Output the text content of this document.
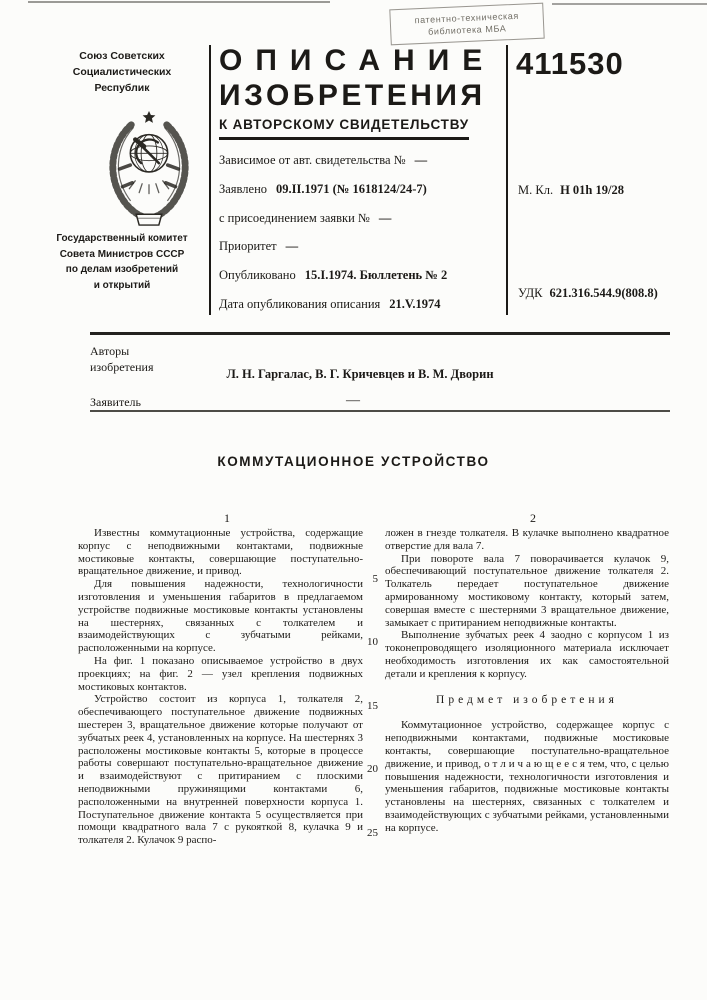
патентно-техническая
библиотека МБА
Союз Советских
Социалистических
Республик
Государственный комитет
Совета Министров СССР
по делам изобретений
и открытий
ОПИСАНИЕ
ИЗОБРЕТЕНИЯ
К АВТОРСКОМУ СВИДЕТЕЛЬСТВУ
Зависимое от авт. свидетельства № —
Заявлено 09.II.1971 (№ 1618124/24-7)
с присоединением заявки № —
Приоритет —
Опубликовано 15.I.1974. Бюллетень № 2
Дата опубликования описания 21.V.1974
411530
М. Кл. Н 01h 19/28
УДК 621.316.544.9(808.8)
Авторы
изобретения	Л. Н. Гаргалас, В. Г. Кричевцев и В. М. Дворин
Заявитель	—
КОММУТАЦИОННОЕ УСТРОЙСТВО
1	2

Известны коммутационные устройства, содержащие корпус с неподвижными контактами, подвижные мостиковые контакты, совершающие поступательно-вращательное движение, и привод.

Для повышения надежности, технологичности изготовления и уменьшения габаритов в предлагаемом устройстве подвижные мостиковые контакты установлены на шестернях, связанных с толкателем и взаимодействующих с зубчатыми рейками, расположенными на корпусе.

На фиг. 1 показано описываемое устройство в двух проекциях; на фиг. 2 — узел крепления подвижных мостиковых контактов.

Устройство состоит из корпуса 1, толкателя 2, обеспечивающего поступательное движение подвижных шестерен 3, вращательное движение которые получают от зубчатых реек 4, установленных на корпусе. На шестернях 3 расположены мостиковые контакты 5, которые в процессе работы совершают поступательно-вращательное движение и взаимодействуют с притиранием с плоскими неподвижными пружинящими контактами 6, расположенными на внутренней поверхности корпуса 1. Поступательное движение контакта 5 осуществляется при помощи квадратного вала 7 с рукояткой 8, кулачка 9 и толкателя 2. Кулачок 9 распо-

ложен в гнезде толкателя. В кулачке выполнено квадратное отверстие для вала 7.

При повороте вала 7 поворачивается кулачок 9, обеспечивающий поступательное движение толкателя 2. Толкатель передает поступательное движение армированному мостиковому контакту, который затем, совершая вместе с шестернями 3 вращательное движение, замыкает с притиранием неподвижные контакты.

Выполнение зубчатых реек 4 заодно с корпусом 1 из токонепроводящего изоляционного материала исключает необходимость изготовления их как самостоятельной детали и крепления к корпусу.

Предмет изобретения

Коммутационное устройство, содержащее корпус с неподвижными контактами, подвижные мостиковые контакты, совершающие поступательно-вращательное движение, и привод, о т л и ч а ю щ е е с я тем, что, с целью повышения надежности, технологичности изготовления и уменьшения габаритов, подвижные мостиковые контакты установлены на шестернях, связанных с толкателем и взаимодействующих с зубчатыми рейками, установленными на корпусе.

5
10
15
20
25
